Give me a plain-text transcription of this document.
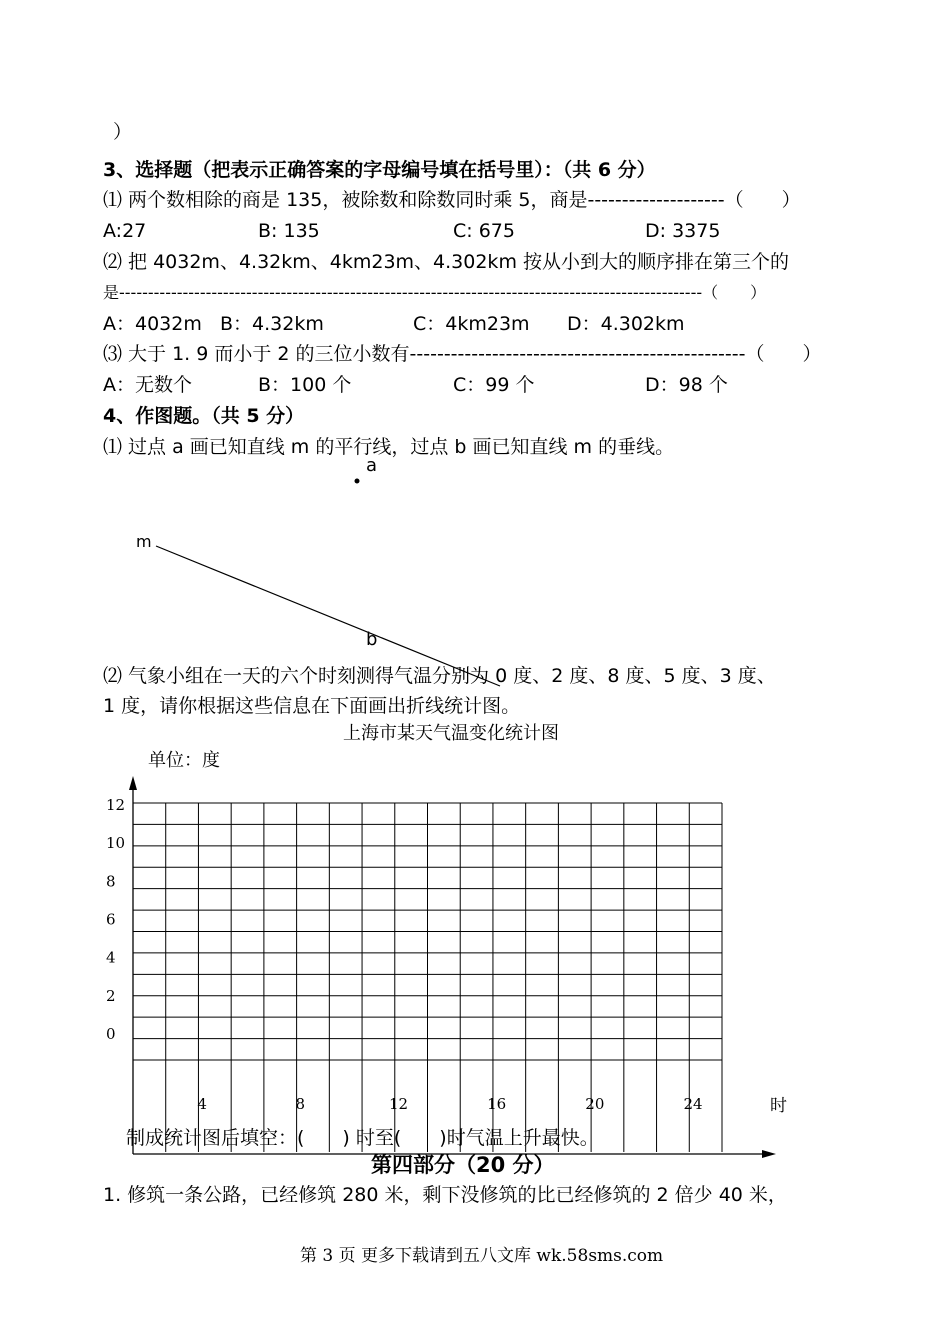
）
3、选择题（把表示正确答案的字母编号填在括号里）：（共 6 分）
⑴ 两个数相除的商是 135，被除数和除数同时乘 5，商是--------------------（　　）
A:27	B: 135	C: 675	D: 3375
⑵ 把 4032m、4.32km、4km23m、4.302km 按从小到大的顺序排在第三个的
是-----------------------------------------------------------------------------------------------------（　　）
A：4032m B：4.32km	C：4km23m D：4.302km
⑶ 大于 1. 9 而小于 2 的三位小数有-------------------------------------------------（　　）
A：无数个	B：100 个	C：99 个	D：98 个
4、作图题。（共 5 分）
⑴ 过点 a 画已知直线 m 的平行线，过点 b 画已知直线 m 的垂线。
a
m
b
⑵ 气象小组在一天的六个时刻测得气温分别为 0 度、2 度、8 度、5 度、3 度、
1 度，请你根据这些信息在下面画出折线统计图。
上海市某天气温变化统计图
单位：度
12
10
8
6
4
2
0
4	8	12	16	20	24	时
制成统计图后填空：(　　) 时至(　　)时气温上升最快。
第四部分（20 分）
1. 修筑一条公路，已经修筑 280 米，剩下没修筑的比已经修筑的 2 倍少 40 米，
第 3 页 更多下载请到五八文库 wk.58sms.com
